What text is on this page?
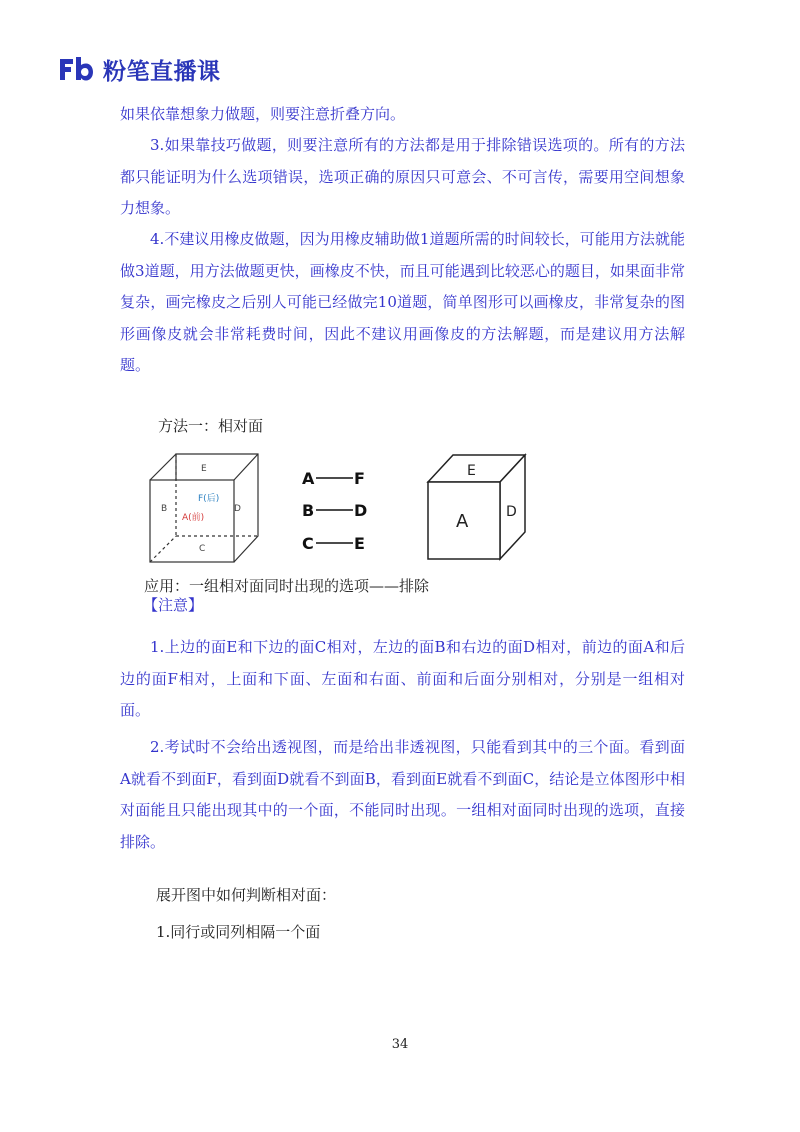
粉笔直播课
如果依靠想象力做题，则要注意折叠方向。
3.如果靠技巧做题，则要注意所有的方法都是用于排除错误选项的。所有的方法都只能证明为什么选项错误，选项正确的原因只可意会、不可言传，需要用空间想象力想象。
4.不建议用橡皮做题，因为用橡皮辅助做1道题所需的时间较长，可能用方法就能做3道题，用方法做题更快，画橡皮不快，而且可能遇到比较恶心的题目，如果面非常复杂，画完橡皮之后别人可能已经做完10道题，简单图形可以画橡皮，非常复杂的图形画像皮就会非常耗费时间，因此不建议用画像皮的方法解题，而是建议用方法解题。
方法一：相对面
E
F(后)
A(前)
B	D
C
A F
B D
C	E
E
A	D
应用：一组相对面同时出现的选项——排除
【注意】
1.上边的面E和下边的面C相对，左边的面B和右边的面D相对，前边的面A和后边的面F相对，上面和下面、左面和右面、前面和后面分别相对，分别是一组相对面。
2.考试时不会给出透视图，而是给出非透视图，只能看到其中的三个面。看到面A就看不到面F，看到面D就看不到面B，看到面E就看不到面C，结论是立体图形中相对面能且只能出现其中的一个面，不能同时出现。一组相对面同时出现的选项，直接排除。
展开图中如何判断相对面：
1.同行或同列相隔一个面
34
